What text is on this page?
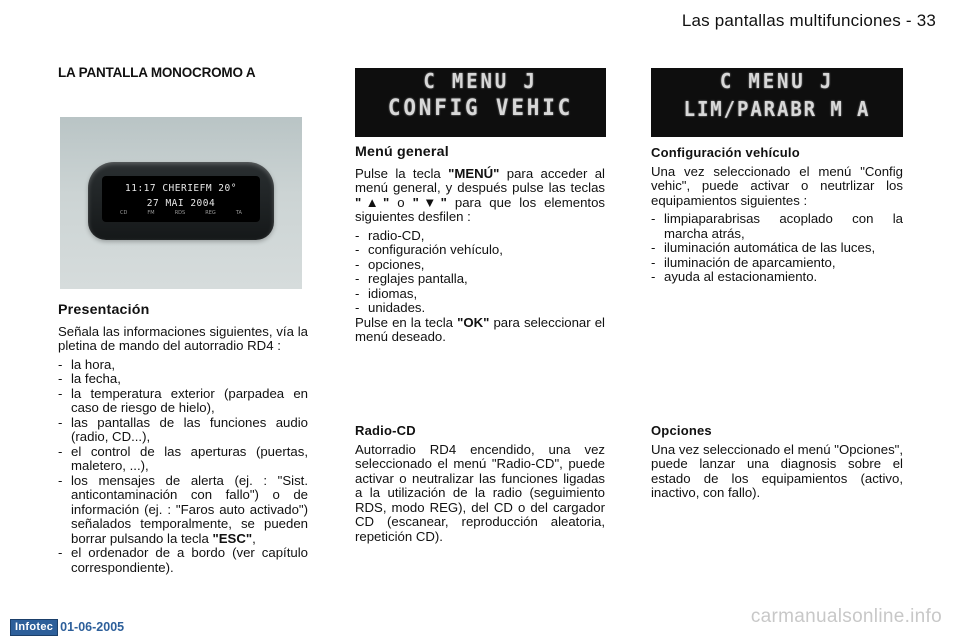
Las pantallas multifunciones - 33
LA PANTALLA MONOCROMO A
11:17 CHERIEFM 20°
27 MAI 2004
CD	FM	RDS	REG	TA
Presentación

Señala las informaciones siguientes, vía la pletina de mando del autorradio RD4 :

- la hora,
- la fecha,
- la temperatura exterior (parpadea en caso de riesgo de hielo),
- las pantallas de las funciones audio (radio, CD...),
- el control de las aperturas (puertas, maletero, ...),
- los mensajes de alerta (ej. : "Sist. anticontaminación con fallo") o de información (ej. : "Faros auto activado") señalados temporalmente, se pueden borrar pulsando la tecla "ESC",
- el ordenador de a bordo (ver capítulo correspondiente).
C MENU J
CONFIG VEHIC
Menú general

Pulse la tecla "MENÚ" para acceder al menú general, y después pulse las teclas "▲" o "▼" para que los elementos siguientes desfilen :

- radio-CD,
- configuración vehículo,
- opciones,
- reglajes pantalla,
- idiomas,
- unidades.

Pulse en la tecla "OK" para seleccionar el menú deseado.

Radio-CD

Autorradio RD4 encendido, una vez seleccionado el menú "Radio-CD", puede activar o neutralizar las funciones ligadas a la utilización de la radio (seguimiento RDS, modo REG), del CD o del cargador CD (escanear, reproducción aleatoria, repetición CD).

C MENU J
LIM/PARABR M A
Configuración vehículo

Una vez seleccionado el menú "Config vehic", puede activar o neutrlizar los equipamientos siguientes :

- limpiaparabrisas acoplado con la marcha atrás,
- iluminación automática de las luces,
- iluminación de aparcamiento,
- ayuda al estacionamiento.
Opciones

Una vez seleccionado el menú "Opciones", puede lanzar una diagnosis sobre el estado de los equipamientos (activo, inactivo, con fallo).

Infotec 01-06-2005
carmanualsonline.info
